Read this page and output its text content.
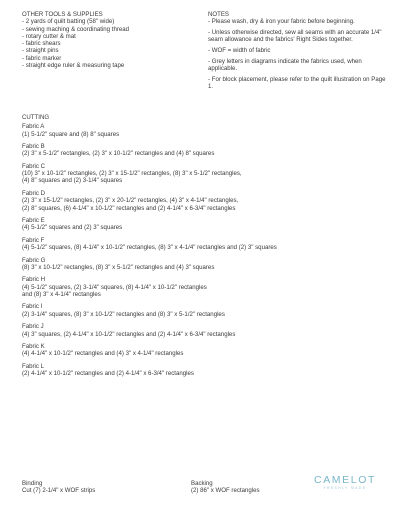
OTHER TOOLS & SUPPLIES

- 2 yards of quilt batting (58" wide)

- sewing maching & coordinating thread

- rotary cutter & mat

- fabric shears

- straight pins

- fabric marker

- straight edge ruler & measuring tape

NOTES

- Please wash, dry & iron your fabric before beginning.

- Unless otherwise directed, sew all seams with an accurate 1/4" seam allowance and the fabrics' Right Sides together.

- WOF = width of fabric

- Grey letters in diagrams indicate the fabrics used, when applicable.

- For block placement, please refer to the quilt illustration on Page 1.

CUTTING

Fabric A

(1) 5-1/2" square and (8) 8" squares

Fabric B

(2) 3" x 5-1/2" rectangles, (2) 3" x 10-1/2" rectangles and (4) 8" squares

Fabric C

(10) 3" x 10-1/2" rectangles, (2) 3" x 15-1/2" rectangles, (8) 3" x 5-1/2" rectangles,

(4) 8" squares and (2) 3-1/4" squares

Fabric D

(2) 3" x 15-1/2" rectangles, (2) 3" x 20-1/2" rectangles, (4) 3" x 4-1/4" rectangles,

(2) 8" squares, (6) 4-1/4" x 10-1/2" rectangles and (2) 4-1/4" x 6-3/4" rectangles

Fabric E

(4) 5-1/2" squares and (2) 3" squares

Fabric F

(4) 5-1/2" squares, (8) 4-1/4" x 10-1/2" rectangles, (8) 3" x 4-1/4" rectangles and (2) 3" squares

Fabric G

(8) 3" x 10-1/2" rectangles, (8) 3" x 5-1/2" rectangles and (4) 3" squares

Fabric H

(4) 5-1/2" squares, (2) 3-1/4" squares, (8) 4-1/4" x 10-1/2" rectangles

and (8) 3" x 4-1/4" rectangles

Fabric I

(2) 3-1/4" squares, (8) 3" x 10-1/2" rectangles and (8) 3" x 5-1/2" rectangles

Fabric J

(4) 3" squares, (2) 4-1/4" x 10-1/2" rectangles and (2) 4-1/4" x 6-3/4" rectangles

Fabric K

(4) 4-1/4" x 10-1/2" rectangles and (4) 3" x 4-1/4" rectangles

Fabric L

(2) 4-1/4" x 10-1/2" rectangles and (2) 4-1/4" x 6-3/4" rectangles

Binding

Cut (7) 2-1/4" x WOF strips

Backing

(2) 86" x WOF rectangles

CAMELOT
FRESHLY MADE
